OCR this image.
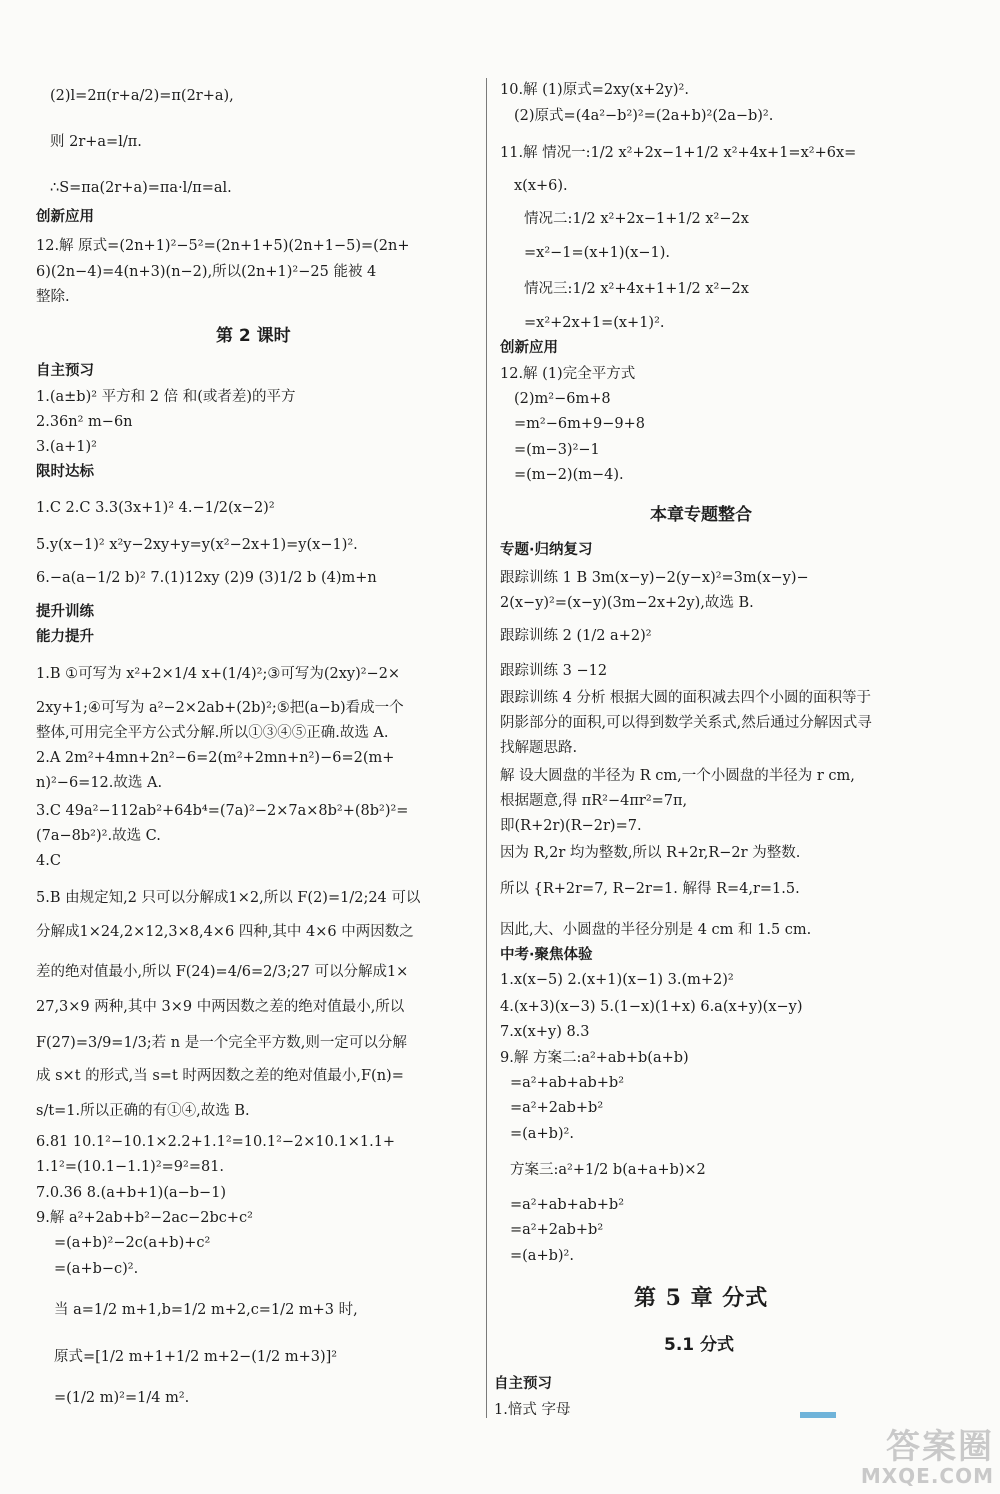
(2)l=2π(r+a/2)=π(2r+a),
则 2r+a=l/π.
∴S=πa(2r+a)=πa·l/π=al.
创新应用
12.解 原式=(2n+1)²−5²=(2n+1+5)(2n+1−5)=(2n+
6)(2n−4)=4(n+3)(n−2),所以(2n+1)²−25 能被 4
整除.
第 2 课时
自主预习
1.(a±b)² 平方和 2 倍 和(或者差)的平方
2.36n² m−6n
3.(a+1)²
限时达标
1.C 2.C 3.3(3x+1)² 4.−1/2(x−2)²
5.y(x−1)² x²y−2xy+y=y(x²−2x+1)=y(x−1)².
6.−a(a−1/2 b)² 7.(1)12xy (2)9 (3)1/2 b (4)m+n
提升训练
能力提升
1.B ①可写为 x²+2×1/4 x+(1/4)²;③可写为(2xy)²−2×
2xy+1;④可写为 a²−2×2ab+(2b)²;⑤把(a−b)看成一个
整体,可用完全平方公式分解.所以①③④⑤正确.故选 A.
2.A 2m²+4mn+2n²−6=2(m²+2mn+n²)−6=2(m+
n)²−6=12.故选 A.
3.C 49a²−112ab²+64b⁴=(7a)²−2×7a×8b²+(8b²)²=
(7a−8b²)².故选 C.
4.C
5.B 由规定知,2 只可以分解成1×2,所以 F(2)=1/2;24 可以
分解成1×24,2×12,3×8,4×6 四种,其中 4×6 中两因数之
差的绝对值最小,所以 F(24)=4/6=2/3;27 可以分解成1×
27,3×9 两种,其中 3×9 中两因数之差的绝对值最小,所以
F(27)=3/9=1/3;若 n 是一个完全平方数,则一定可以分解
成 s×t 的形式,当 s=t 时两因数之差的绝对值最小,F(n)=
s/t=1.所以正确的有①④,故选 B.
6.81 10.1²−10.1×2.2+1.1²=10.1²−2×10.1×1.1+
1.1²=(10.1−1.1)²=9²=81.
7.0.36 8.(a+b+1)(a−b−1)
9.解 a²+2ab+b²−2ac−2bc+c²
=(a+b)²−2c(a+b)+c²
=(a+b−c)².
当 a=1/2 m+1,b=1/2 m+2,c=1/2 m+3 时,
原式=[1/2 m+1+1/2 m+2−(1/2 m+3)]²
=(1/2 m)²=1/4 m².
10.解 (1)原式=2xy(x+2y)².
(2)原式=(4a²−b²)²=(2a+b)²(2a−b)².
11.解 情况一:1/2 x²+2x−1+1/2 x²+4x+1=x²+6x=
x(x+6).
情况二:1/2 x²+2x−1+1/2 x²−2x
=x²−1=(x+1)(x−1).
情况三:1/2 x²+4x+1+1/2 x²−2x
=x²+2x+1=(x+1)².
创新应用
12.解 (1)完全平方式
(2)m²−6m+8
=m²−6m+9−9+8
=(m−3)²−1
=(m−2)(m−4).
本章专题整合
专题·归纳复习
跟踪训练 1 B 3m(x−y)−2(y−x)²=3m(x−y)−
2(x−y)²=(x−y)(3m−2x+2y),故选 B.
跟踪训练 2 (1/2 a+2)²
跟踪训练 3 −12
跟踪训练 4 分析 根据大圆的面积减去四个小圆的面积等于
阴影部分的面积,可以得到数学关系式,然后通过分解因式寻
找解题思路.
解 设大圆盘的半径为 R cm,一个小圆盘的半径为 r cm,
根据题意,得 πR²−4πr²=7π,
即(R+2r)(R−2r)=7.
因为 R,2r 均为整数,所以 R+2r,R−2r 为整数.
所以 {R+2r=7, R−2r=1. 解得 R=4,r=1.5.
因此,大、小圆盘的半径分别是 4 cm 和 1.5 cm.
中考·聚焦体验
1.x(x−5) 2.(x+1)(x−1) 3.(m+2)²
4.(x+3)(x−3) 5.(1−x)(1+x) 6.a(x+y)(x−y)
7.x(x+y) 8.3
9.解 方案二:a²+ab+b(a+b)
=a²+ab+ab+b²
=a²+2ab+b²
=(a+b)².
方案三:a²+1/2 b(a+a+b)×2
=a²+ab+ab+b²
=a²+2ab+b²
=(a+b)².
第 5 章 分式
5.1 分式
自主预习
1.愔式 字母
答案圈
MXQE.COM
